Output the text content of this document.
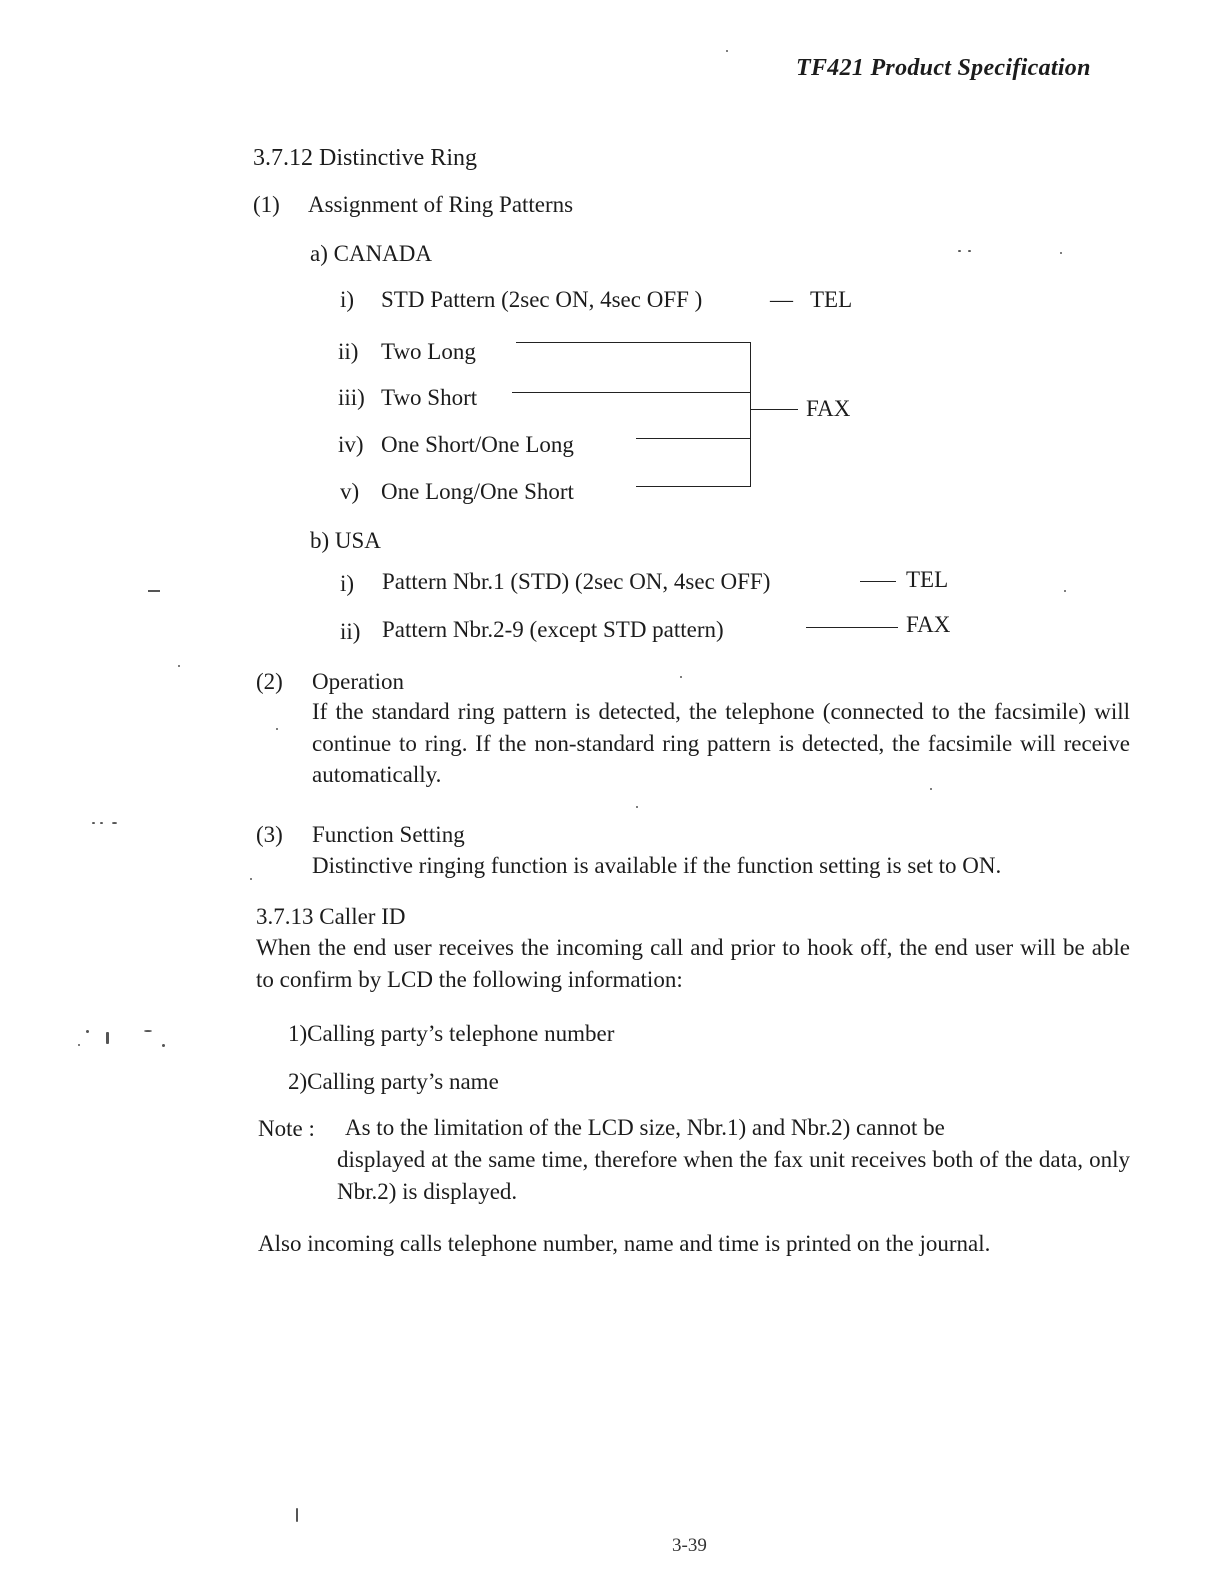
TF421 Product Specification
3.7.12 Distinctive Ring
(1) Assignment of Ring Patterns
a) CANADA
i) STD Pattern (2sec ON, 4sec OFF )	— TEL
ii) Two Long
iii) Two Short
iv) One Short/One Long
v) One Long/One Short
FAX
b) USA
i) Pattern Nbr.1 (STD) (2sec ON, 4sec OFF)	TEL
ii) Pattern Nbr.2-9 (except STD pattern)	FAX
(2) Operation
If the standard ring pattern is detected, the telephone (connected to the facsimile) will continue to ring. If the non-standard ring pattern is detected, the facsimile will receive automatically.
(3) Function Setting
Distinctive ringing function is available if the function setting is set to ON.
3.7.13 Caller ID
When the end user receives the incoming call and prior to hook off, the end user will be able to confirm by LCD the following information:
1)Calling party’s telephone number
2)Calling party’s name
Note : As to the limitation of the LCD size, Nbr.1) and Nbr.2) cannot be
displayed at the same time, therefore when the fax unit receives both of the data, only Nbr.2) is displayed.
Also incoming calls telephone number, name and time is printed on the journal.
3-39
